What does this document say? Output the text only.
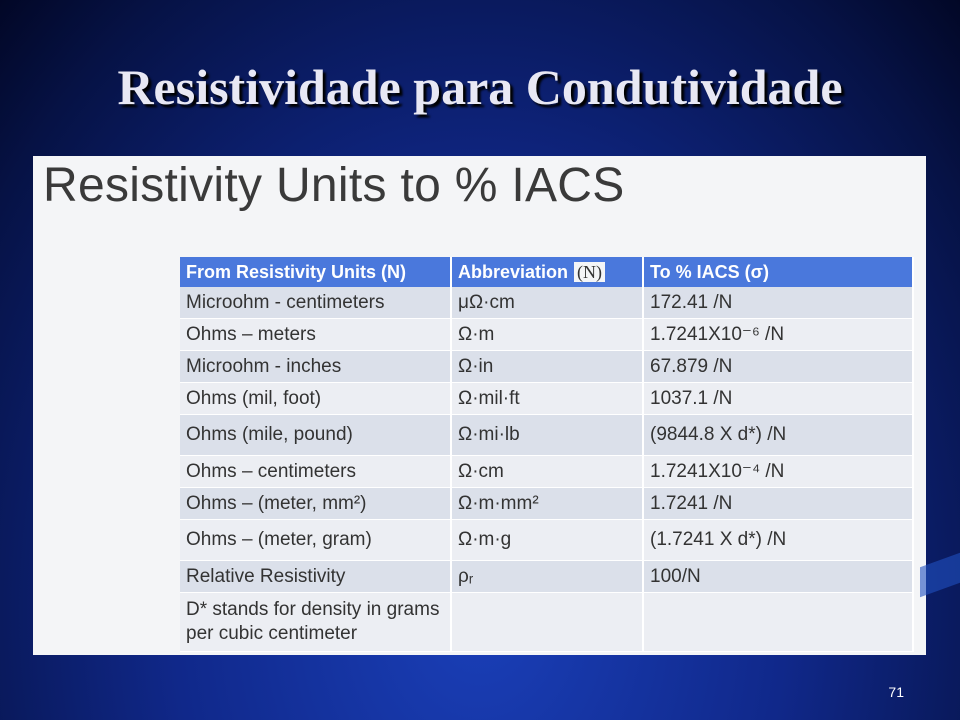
Resistividade para Condutividade
Resistivity Units to % IACS
From Resistivity Units (N)	Abbreviation (N)	To % IACS (σ)
Microohm - centimeters	μΩ·cm	172.41 /N
Ohms – meters	Ω·m	1.7241X10⁻⁶ /N
Microohm - inches	Ω·in	67.879 /N
Ohms (mil, foot)	Ω·mil·ft	1037.1 /N
Ohms (mile, pound)	Ω·mi·lb	(9844.8 X d*) /N
Ohms – centimeters	Ω·cm	1.7241X10⁻⁴ /N
Ohms – (meter, mm²)	Ω·m·mm²	1.7241 /N
Ohms – (meter, gram)	Ω·m·g	(1.7241 X d*) /N
Relative Resistivity	ρᵣ	100/N
D* stands for density in grams per cubic centimeter		
71
